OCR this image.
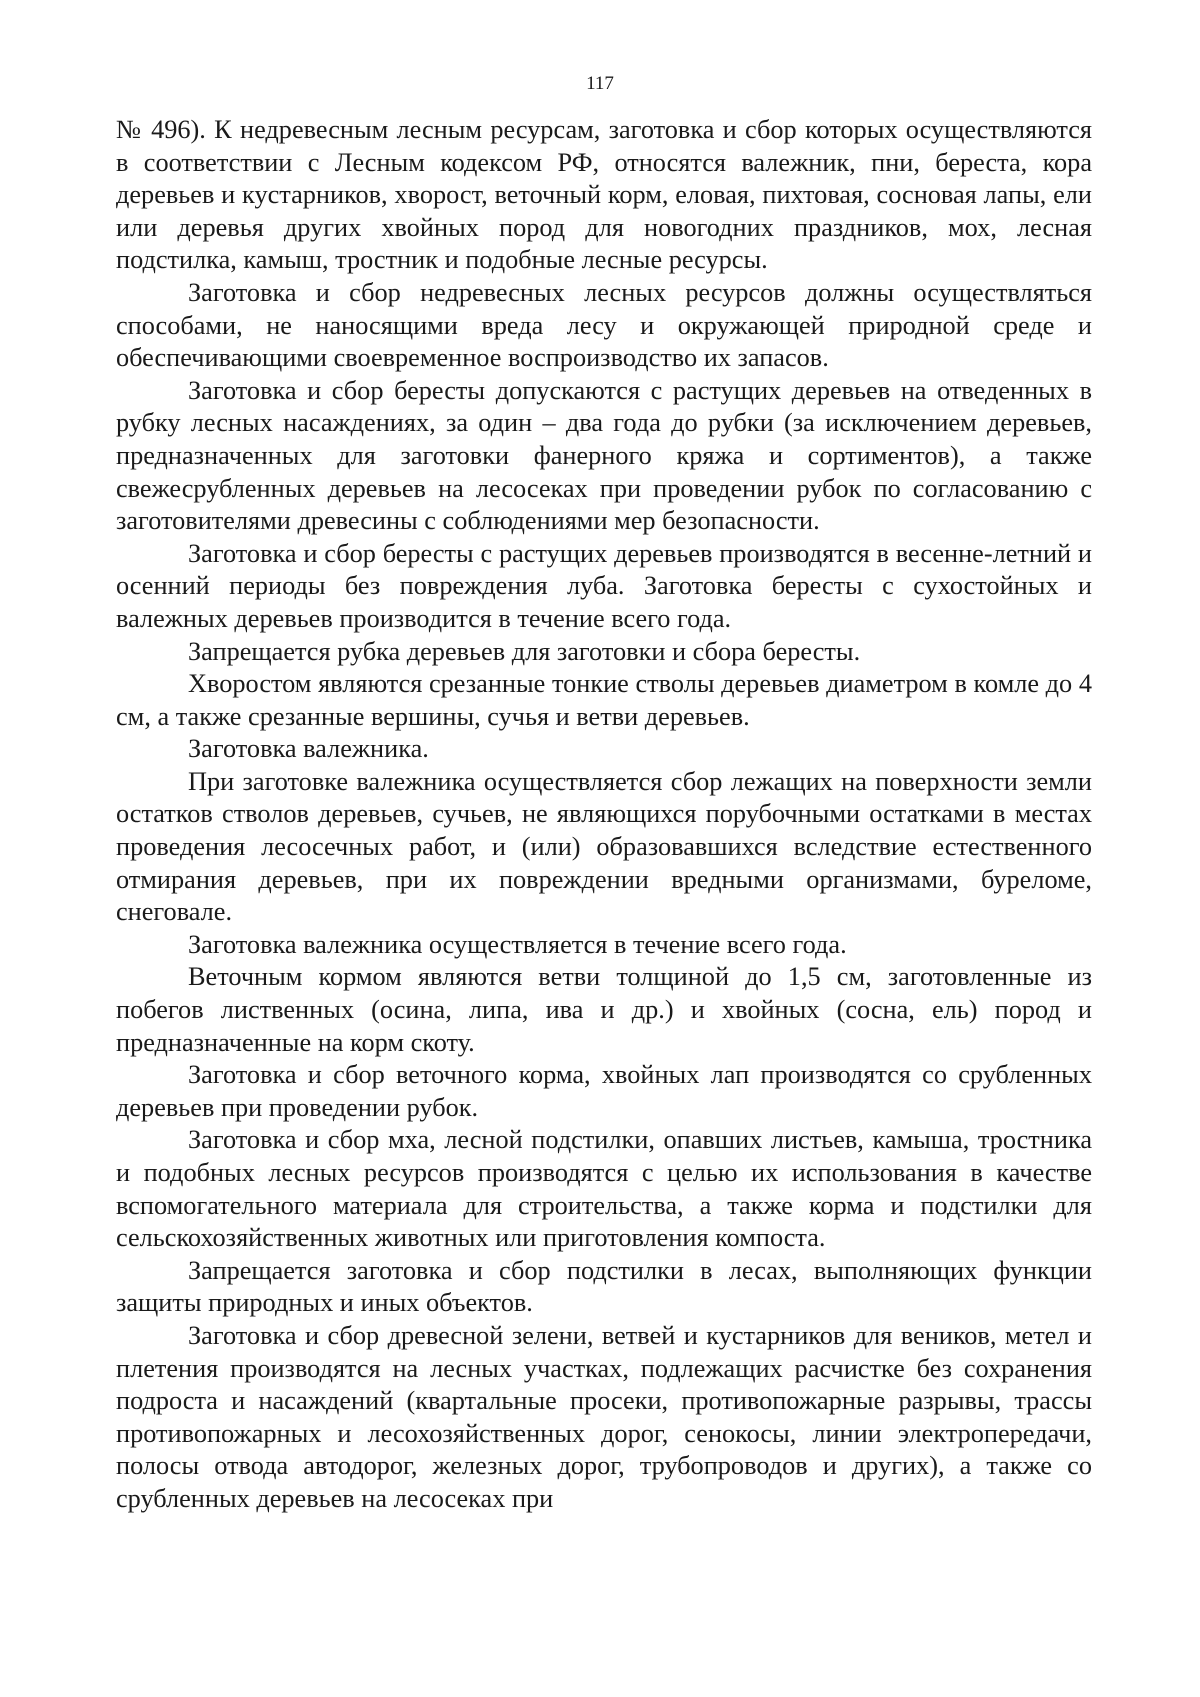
117

№ 496). К недревесным лесным ресурсам, заготовка и сбор которых осуществляются в соответствии с Лесным кодексом РФ, относятся валежник, пни, береста, кора деревьев и кустарников, хворост, веточный корм, еловая, пихтовая, сосновая лапы, ели или деревья других хвойных пород для новогодних праздников, мох, лесная подстилка, камыш, тростник и подобные лесные ресурсы.

Заготовка и сбор недревесных лесных ресурсов должны осуществляться способами, не наносящими вреда лесу и окружающей природной среде и обеспечивающими своевременное воспроизводство их запасов.

Заготовка и сбор бересты допускаются с растущих деревьев на отведенных в рубку лесных насаждениях, за один – два года до рубки (за исключением деревьев, предназначенных для заготовки фанерного кряжа и сортиментов), а также свежесрубленных деревьев на лесосеках при проведении рубок по согласованию с заготовителями древесины с соблюдениями мер безопасности.

Заготовка и сбор бересты с растущих деревьев производятся в весенне-летний и осенний периоды без повреждения луба. Заготовка бересты с сухостойных и валежных деревьев производится в течение всего года.

Запрещается рубка деревьев для заготовки и сбора бересты.

Хворостом являются срезанные тонкие стволы деревьев диаметром в комле до 4 см, а также срезанные вершины, сучья и ветви деревьев.

Заготовка валежника.

При заготовке валежника осуществляется сбор лежащих на поверхности земли остатков стволов деревьев, сучьев, не являющихся порубочными остатками в местах проведения лесосечных работ, и (или) образовавшихся вследствие естественного отмирания деревьев, при их повреждении вредными организмами, буреломе, снеговале.

Заготовка валежника осуществляется в течение всего года.

Веточным кормом являются ветви толщиной до 1,5 см, заготовленные из побегов лиственных (осина, липа, ива и др.) и хвойных (сосна, ель) пород и предназначенные на корм скоту.

Заготовка и сбор веточного корма, хвойных лап производятся со срубленных деревьев при проведении рубок.

Заготовка и сбор мха, лесной подстилки, опавших листьев, камыша, тростника и подобных лесных ресурсов производятся с целью их использования в качестве вспомогательного материала для строительства, а также корма и подстилки для сельскохозяйственных животных или приготовления компоста.

Запрещается заготовка и сбор подстилки в лесах, выполняющих функции защиты природных и иных объектов.

Заготовка и сбор древесной зелени, ветвей и кустарников для веников, метел и плетения производятся на лесных участках, подлежащих расчистке без сохранения подроста и насаждений (квартальные просеки, противопожарные разрывы, трассы противопожарных и лесохозяйственных дорог, сенокосы, линии электропередачи, полосы отвода автодорог, железных дорог, трубопроводов и других), а также со срубленных деревьев на лесосеках при
